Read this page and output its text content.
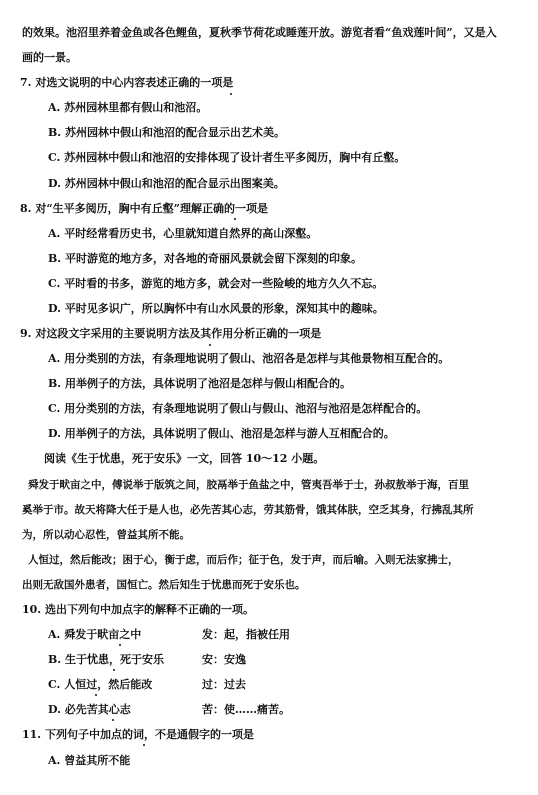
的效果。池沼里养着金鱼或各色鲤鱼，夏秋季节荷花或睡莲开放。游览者看“鱼戏莲叶间”，又是入
画的一景。
7. 对选文说明的中心内容表述正确的一项是
A. 苏州园林里都有假山和池沼。
B. 苏州园林中假山和池沼的配合显示出艺术美。
C. 苏州园林中假山和池沼的安排体现了设计者生平多阅历，胸中有丘壑。
D. 苏州园林中假山和池沼的配合显示出图案美。
8. 对“生平多阅历，胸中有丘壑”理解正确的一项是
A. 平时经常看历史书，心里就知道自然界的高山深壑。
B. 平时游览的地方多，对各地的奇丽风景就会留下深刻的印象。
C. 平时看的书多，游览的地方多，就会对一些险峻的地方久久不忘。
D. 平时见多识广，所以胸怀中有山水风景的形象，深知其中的趣味。
9. 对这段文字采用的主要说明方法及其作用分析正确的一项是
A. 用分类别的方法，有条理地说明了假山、池沼各是怎样与其他景物相互配合的。
B. 用举例子的方法，具体说明了池沼是怎样与假山相配合的。
C. 用分类别的方法，有条理地说明了假山与假山、池沼与池沼是怎样配合的。
D. 用举例子的方法，具体说明了假山、池沼是怎样与游人互相配合的。
阅读《生于忧患，死于安乐》一文，回答 10～12 小题。
舜发于畎亩之中，傅说举于版筑之间，胶鬲举于鱼盐之中，管夷吾举于士，孙叔敖举于海，百里
奚举于市。故天将降大任于是人也，必先苦其心志，劳其筋骨，饿其体肤，空乏其身，行拂乱其所
为，所以动心忍性，曾益其所不能。
人恒过，然后能改；困于心，衡于虑，而后作；征于色，发于声，而后喻。入则无法家拂士，
出则无敌国外患者，国恒亡。然后知生于忧患而死于安乐也。
10. 选出下列句中加点字的解释不正确的一项。
A. 舜发于畎亩之中	发：起，指被任用
B. 生于忧患，死于安乐	安：安逸
C. 人恒过，然后能改	过：过去
D. 必先苦其心志	苦：使……痛苦。
11. 下列句子中加点的词，不是通假字的一项是
A. 曾益其所不能
